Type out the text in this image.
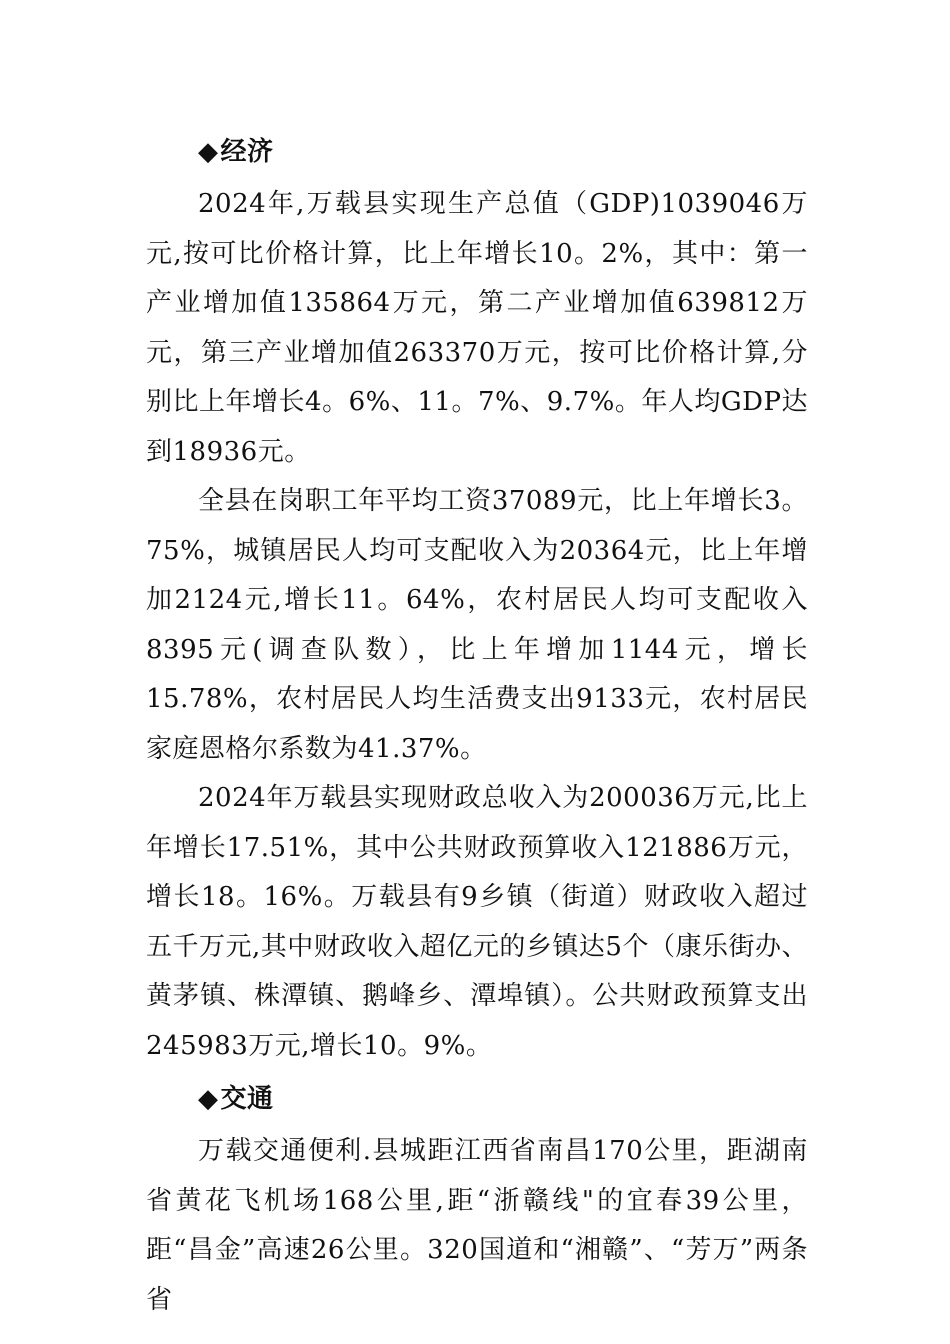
◆经济

2024年,万载县实现生产总值（GDP)1039046万元,按可比价格计算，比上年增长10。2%，其中：第一产业增加值135864万元，第二产业增加值639812万元，第三产业增加值263370万元，按可比价格计算,分别比上年增长4。6%、11。7%、9.7%。年人均GDP达到18936元。

全县在岗职工年平均工资37089元，比上年增长3。75%，城镇居民人均可支配收入为20364元，比上年增加2124元,增长11。64%，农村居民人均可支配收入8395元(调查队数），比上年增加1144元，增长15.78%，农村居民人均生活费支出9133元，农村居民家庭恩格尔系数为41.37%。

2024年万载县实现财政总收入为200036万元,比上年增长17.51%，其中公共财政预算收入121886万元，增长18。16%。万载县有9乡镇（街道）财政收入超过五千万元,其中财政收入超亿元的乡镇达5个（康乐街办、黄茅镇、株潭镇、鹅峰乡、潭埠镇）。公共财政预算支出245983万元,增长10。9%。

◆交通

万载交通便利.县城距江西省南昌170公里，距湖南省黄花飞机场168公里,距“浙赣线"的宜春39公里，距“昌金”高速26公里。320国道和“湘赣”、“芳万”两条省
